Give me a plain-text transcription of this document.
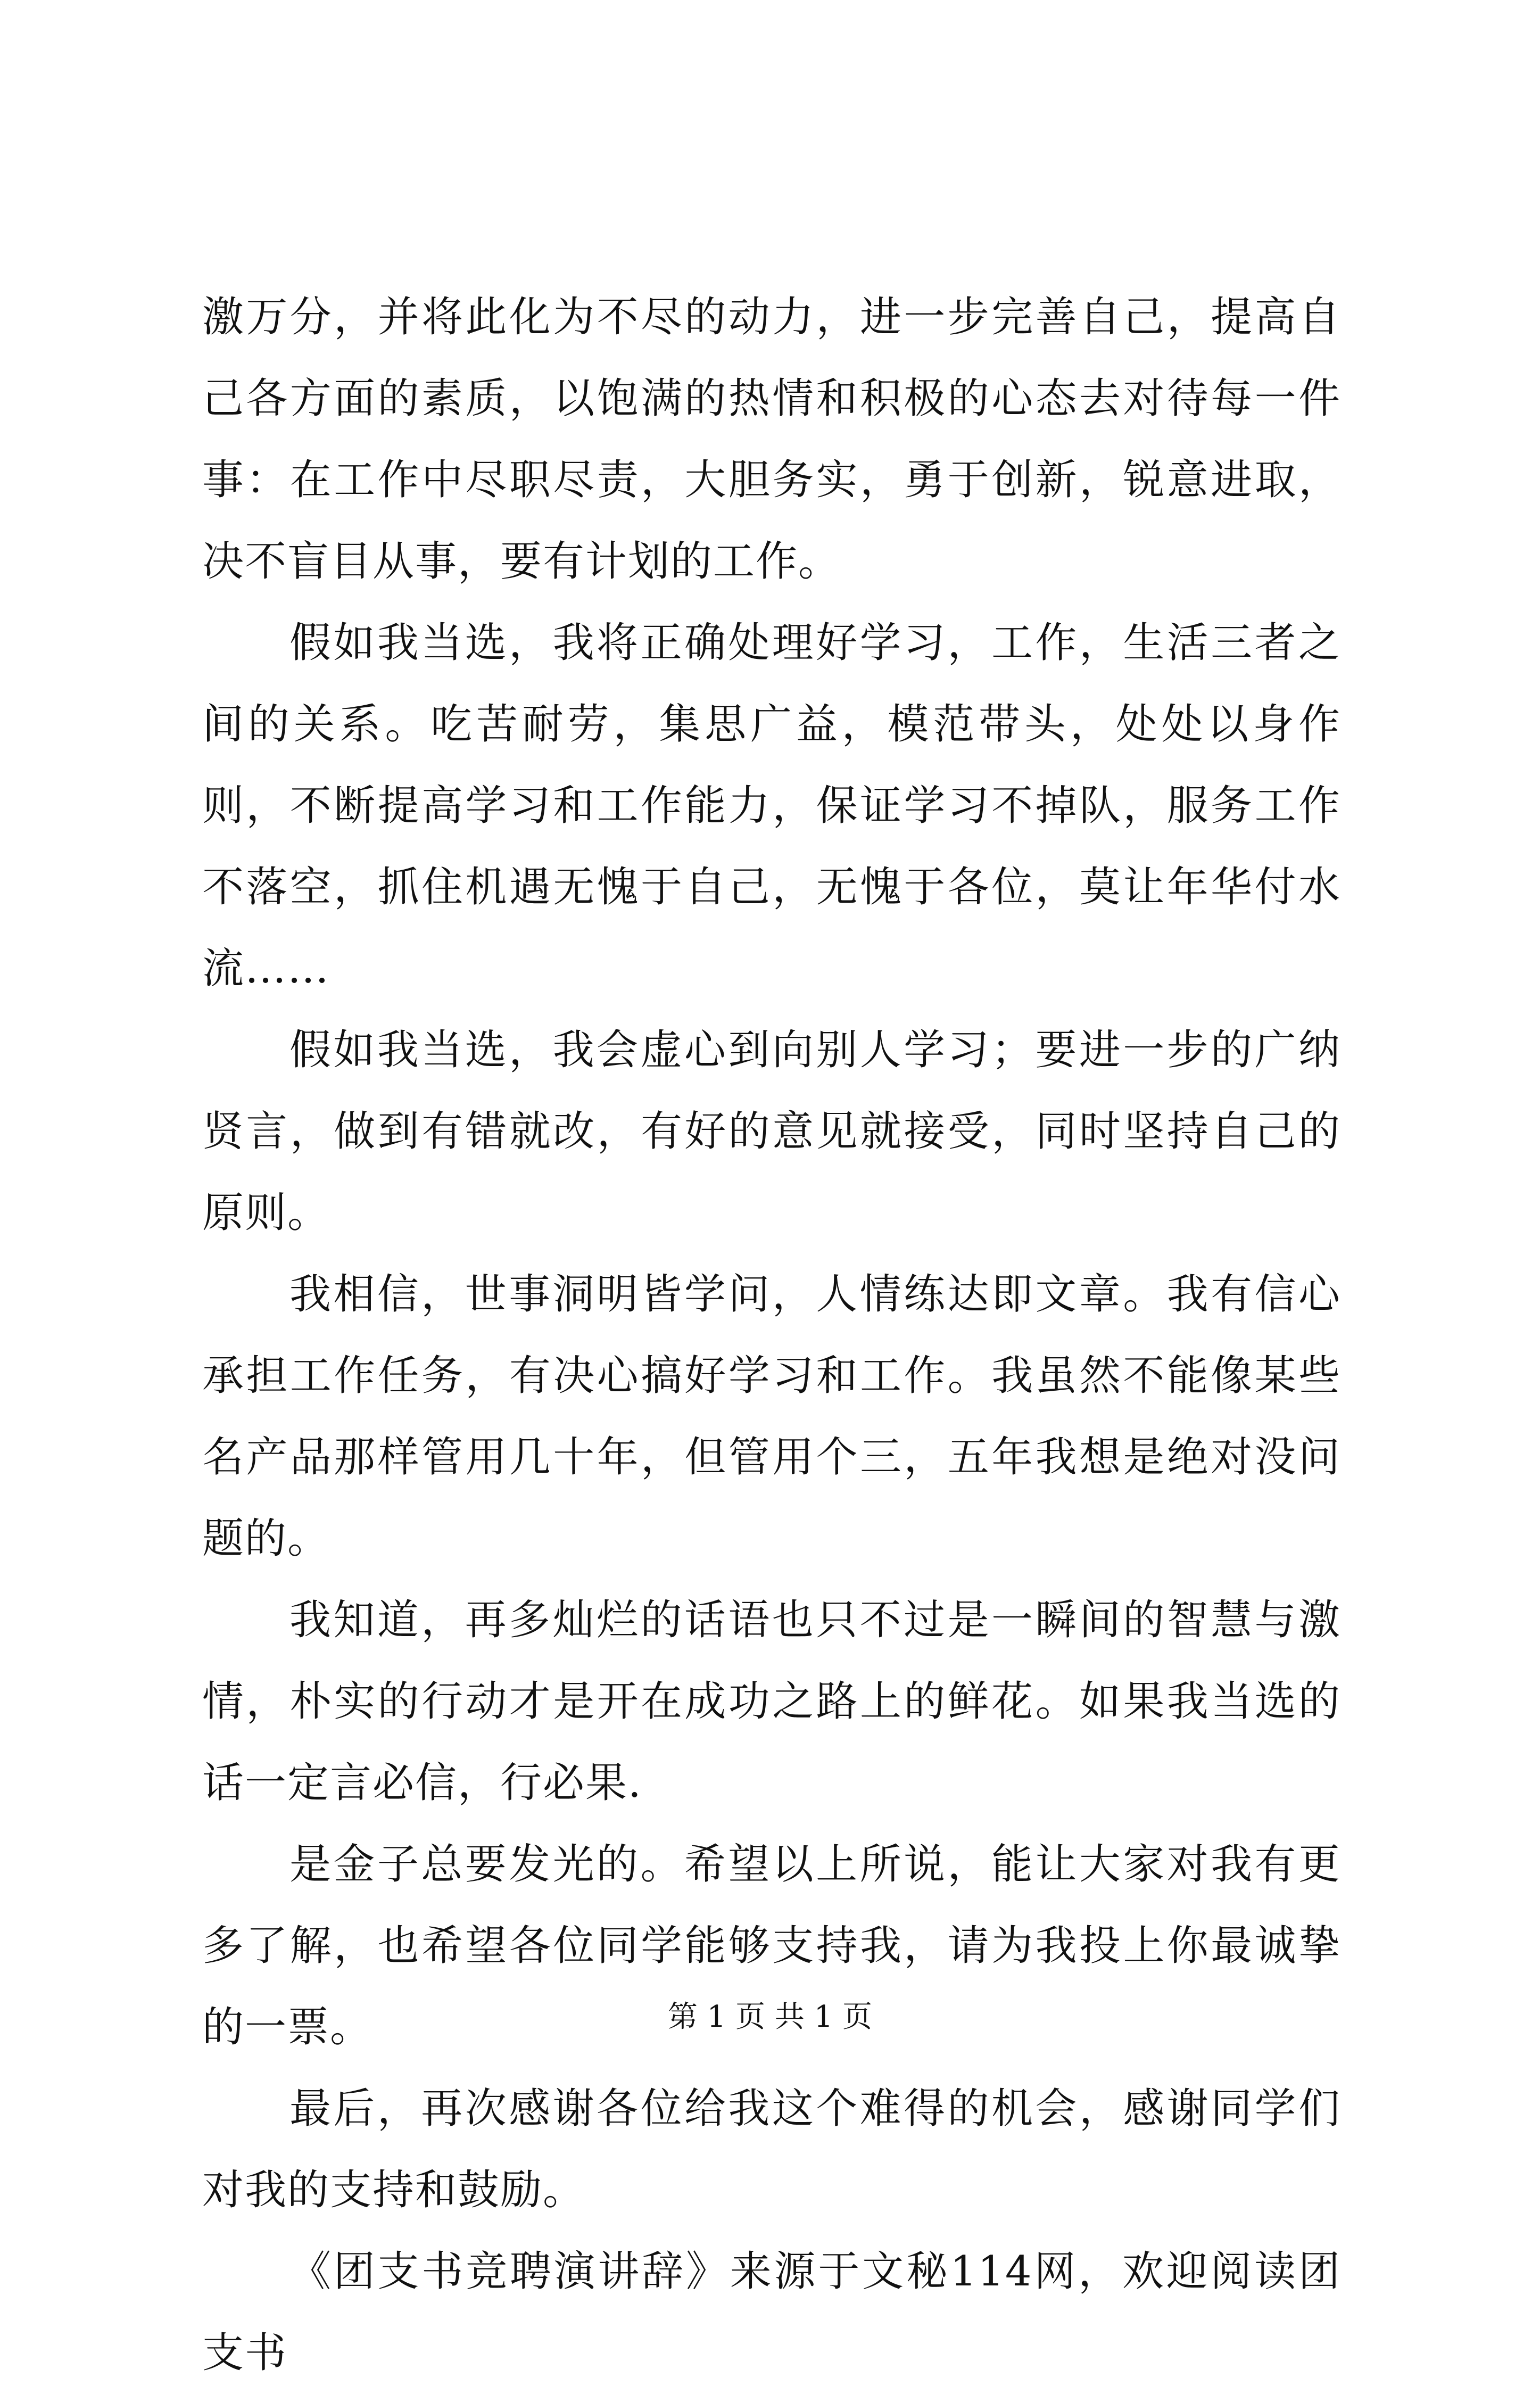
激万分，并将此化为不尽的动力，进一步完善自己，提高自己各方面的素质，以饱满的热情和积极的心态去对待每一件事：在工作中尽职尽责，大胆务实，勇于创新，锐意进取，决不盲目从事，要有计划的工作。

假如我当选，我将正确处理好学习，工作，生活三者之间的关系。吃苦耐劳，集思广益，模范带头，处处以身作则，不断提高学习和工作能力，保证学习不掉队，服务工作不落空，抓住机遇无愧于自己，无愧于各位，莫让年华付水流……

假如我当选，我会虚心到向别人学习；要进一步的广纳贤言，做到有错就改，有好的意见就接受，同时坚持自己的原则。

我相信，世事洞明皆学问，人情练达即文章。我有信心承担工作任务，有决心搞好学习和工作。我虽然不能像某些名产品那样管用几十年，但管用个三，五年我想是绝对没问题的。

我知道，再多灿烂的话语也只不过是一瞬间的智慧与激情，朴实的行动才是开在成功之路上的鲜花。如果我当选的话一定言必信，行必果.

是金子总要发光的。希望以上所说，能让大家对我有更多了解，也希望各位同学能够支持我，请为我投上你最诚挚的一票。

最后，再次感谢各位给我这个难得的机会，感谢同学们对我的支持和鼓励。

《团支书竞聘演讲辞》来源于文秘114网，欢迎阅读团支书

第 1 页 共 1 页
